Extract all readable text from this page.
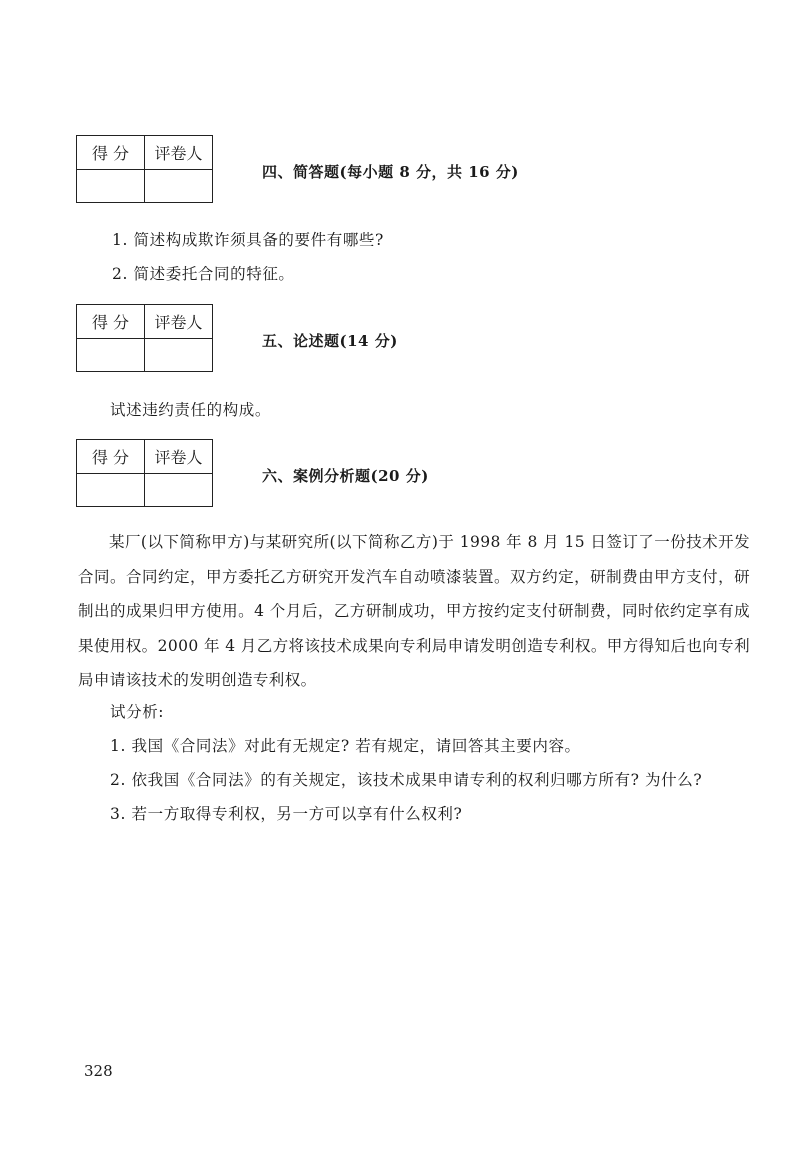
得 分	评卷人

四、简答题(每小题 8 分，共 16 分)
1. 简述构成欺诈须具备的要件有哪些?
2. 简述委托合同的特征。
得 分	评卷人

五、论述题(14 分)
试述违约责任的构成。
得 分	评卷人

六、案例分析题(20 分)
某厂(以下简称甲方)与某研究所(以下简称乙方)于 1998 年 8 月 15 日签订了一份技术开发合同。合同约定，甲方委托乙方研究开发汽车自动喷漆装置。双方约定，研制费由甲方支付，研制出的成果归甲方使用。4 个月后，乙方研制成功，甲方按约定支付研制费，同时依约定享有成果使用权。2000 年 4 月乙方将该技术成果向专利局申请发明创造专利权。甲方得知后也向专利局申请该技术的发明创造专利权。
试分析:
1. 我国《合同法》对此有无规定? 若有规定，请回答其主要内容。
2. 依我国《合同法》的有关规定，该技术成果申请专利的权利归哪方所有? 为什么?
3. 若一方取得专利权，另一方可以享有什么权利?
328
